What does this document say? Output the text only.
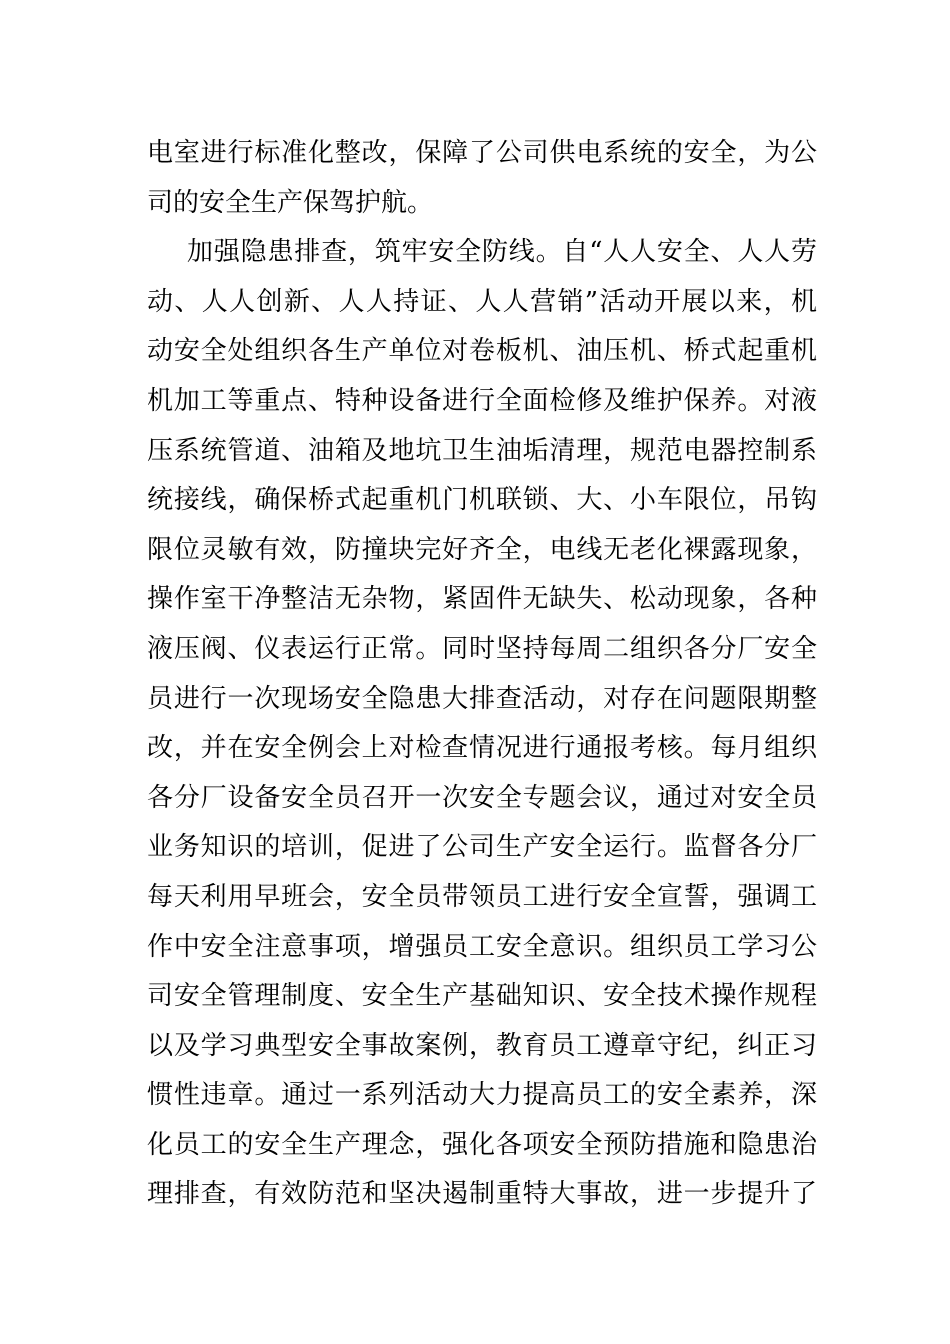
电室进行标准化整改，保障了公司供电系统的安全，为公
司的安全生产保驾护航。
加强隐患排查，筑牢安全防线。自“人人安全、人人劳
动、人人创新、人人持证、人人营销”活动开展以来，机
动安全处组织各生产单位对卷板机、油压机、桥式起重机
机加工等重点、特种设备进行全面检修及维护保养。对液
压系统管道、油箱及地坑卫生油垢清理，规范电器控制系
统接线，确保桥式起重机门机联锁、大、小车限位，吊钩
限位灵敏有效，防撞块完好齐全，电线无老化裸露现象，
操作室干净整洁无杂物，紧固件无缺失、松动现象，各种
液压阀、仪表运行正常。同时坚持每周二组织各分厂安全
员进行一次现场安全隐患大排查活动，对存在问题限期整
改，并在安全例会上对检查情况进行通报考核。每月组织
各分厂设备安全员召开一次安全专题会议，通过对安全员
业务知识的培训，促进了公司生产安全运行。监督各分厂
每天利用早班会，安全员带领员工进行安全宣誓，强调工
作中安全注意事项，增强员工安全意识。组织员工学习公
司安全管理制度、安全生产基础知识、安全技术操作规程
以及学习典型安全事故案例，教育员工遵章守纪，纠正习
惯性违章。通过一系列活动大力提高员工的安全素养，深
化员工的安全生产理念，强化各项安全预防措施和隐患治
理排查，有效防范和坚决遏制重特大事故，进一步提升了
